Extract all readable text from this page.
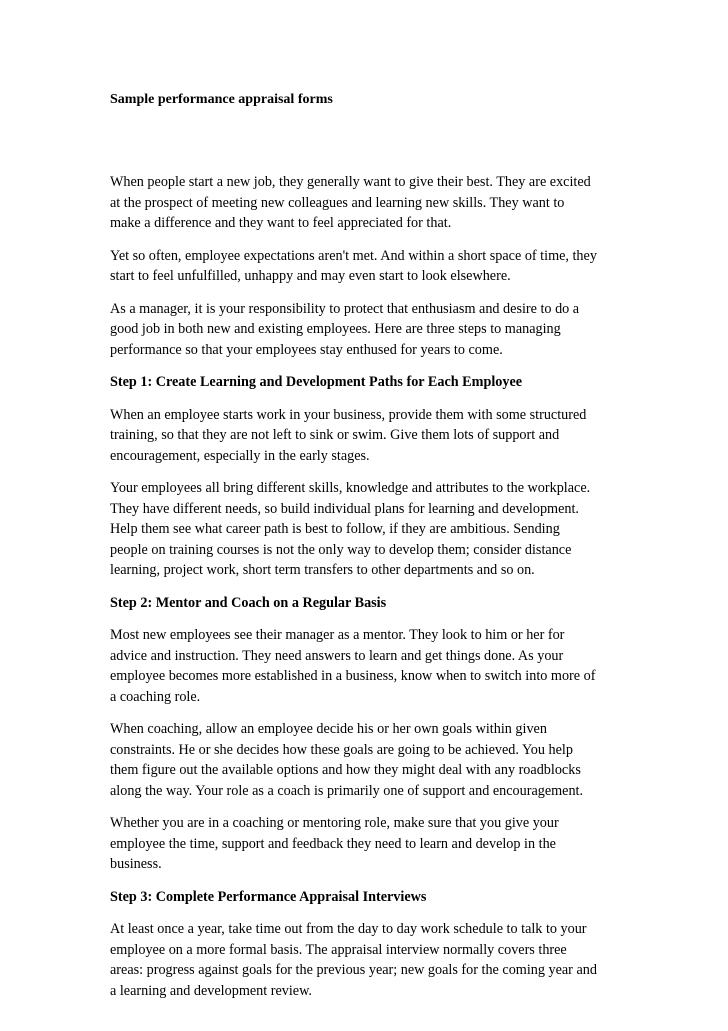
Sample performance appraisal forms

When people start a new job, they generally want to give their best. They are excited
at the prospect of meeting new colleagues and learning new skills. They want to
make a difference and they want to feel appreciated for that.

Yet so often, employee expectations aren't met. And within a short space of time, they
start to feel unfulfilled, unhappy and may even start to look elsewhere.

As a manager, it is your responsibility to protect that enthusiasm and desire to do a
good job in both new and existing employees. Here are three steps to managing
performance so that your employees stay enthused for years to come.

Step 1: Create Learning and Development Paths for Each Employee

When an employee starts work in your business, provide them with some structured
training, so that they are not left to sink or swim. Give them lots of support and
encouragement, especially in the early stages.

Your employees all bring different skills, knowledge and attributes to the workplace.
They have different needs, so build individual plans for learning and development.
Help them see what career path is best to follow, if they are ambitious. Sending
people on training courses is not the only way to develop them; consider distance
learning, project work, short term transfers to other departments and so on.

Step 2: Mentor and Coach on a Regular Basis

Most new employees see their manager as a mentor. They look to him or her for
advice and instruction. They need answers to learn and get things done. As your
employee becomes more established in a business, know when to switch into more of
a coaching role.

When coaching, allow an employee decide his or her own goals within given
constraints. He or she decides how these goals are going to be achieved. You help
them figure out the available options and how they might deal with any roadblocks
along the way. Your role as a coach is primarily one of support and encouragement.

Whether you are in a coaching or mentoring role, make sure that you give your
employee the time, support and feedback they need to learn and develop in the
business.

Step 3: Complete Performance Appraisal Interviews

At least once a year, take time out from the day to day work schedule to talk to your
employee on a more formal basis. The appraisal interview normally covers three
areas: progress against goals for the previous year; new goals for the coming year and
a learning and development review.
